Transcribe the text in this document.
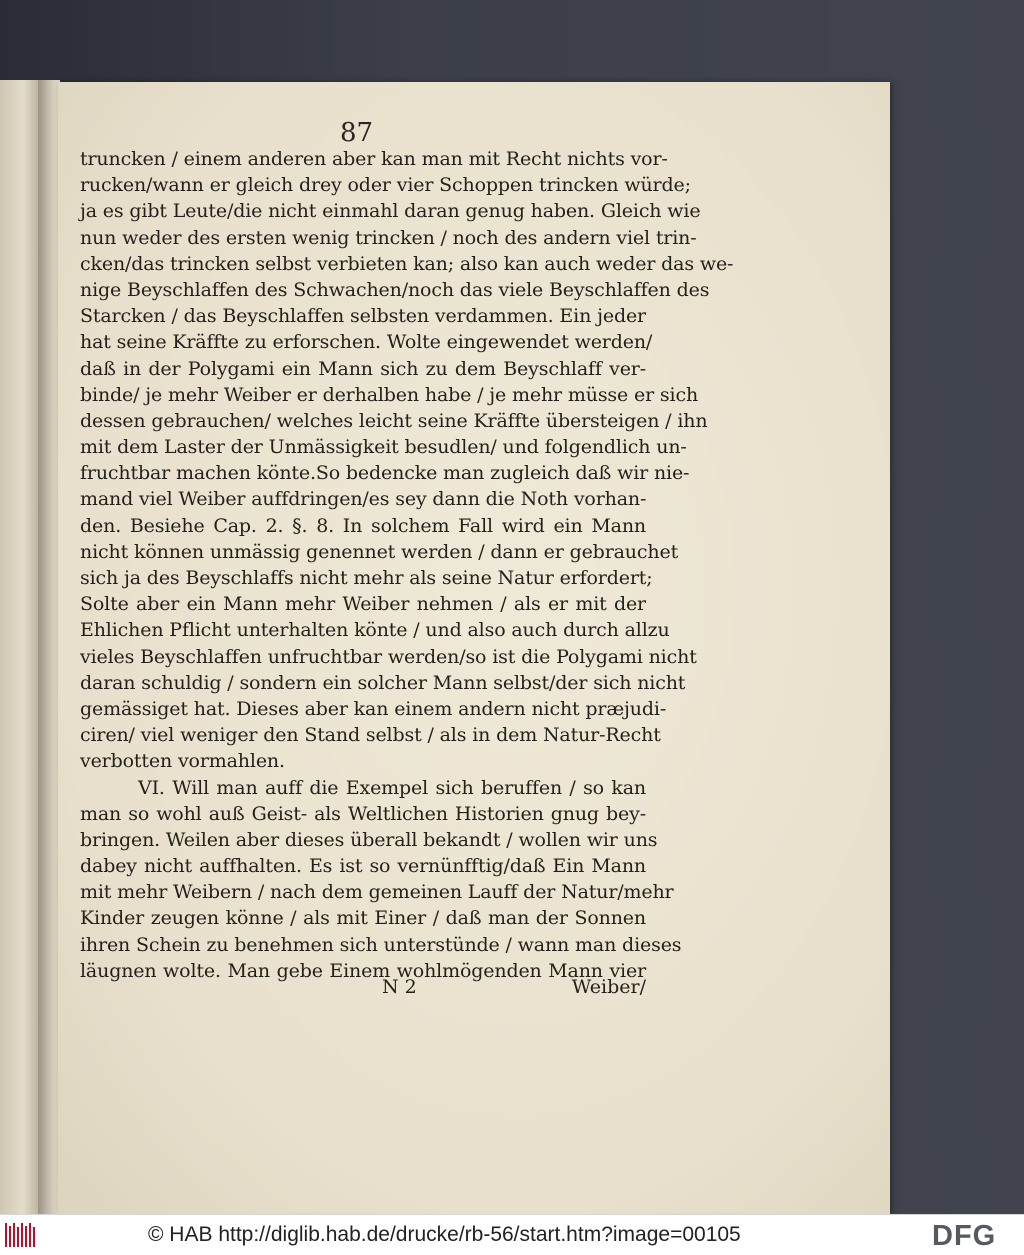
87
truncken / einem anderen aber kan man mit Recht nichts vor-
rucken/wann er gleich drey oder vier Schoppen trincken würde;
ja es gibt Leute/die nicht einmahl daran genug haben. Gleich wie
nun weder des ersten wenig trincken / noch des andern viel trin-
cken/das trincken selbst verbieten kan; also kan auch weder das we-
nige Beyschlaffen des Schwachen/noch das viele Beyschlaffen des
Starcken / das Beyschlaffen selbsten verdammen. Ein jeder
hat seine Kräffte zu erforschen. Wolte eingewendet werden/
daß in der Polygami ein Mann sich zu dem Beyschlaff ver-
binde/ je mehr Weiber er derhalben habe / je mehr müsse er sich
dessen gebrauchen/ welches leicht seine Kräffte übersteigen / ihn
mit dem Laster der Unmässigkeit besudlen/ und folgendlich un-
fruchtbar machen könte.So bedencke man zugleich daß wir nie-
mand viel Weiber auffdringen/es sey dann die Noth vorhan-
den. Besiehe Cap. 2. §. 8. In solchem Fall wird ein Mann
nicht können unmässig genennet werden / dann er gebrauchet
sich ja des Beyschlaffs nicht mehr als seine Natur erfordert;
Solte aber ein Mann mehr Weiber nehmen / als er mit der
Ehlichen Pflicht unterhalten könte / und also auch durch allzu
vieles Beyschlaffen unfruchtbar werden/so ist die Polygami nicht
daran schuldig / sondern ein solcher Mann selbst/der sich nicht
gemässiget hat. Dieses aber kan einem andern nicht præjudi-
ciren/ viel weniger den Stand selbst / als in dem Natur-Recht
verbotten vormahlen.
VI. Will man auff die Exempel sich beruffen / so kan
man so wohl auß Geist- als Weltlichen Historien gnug bey-
bringen. Weilen aber dieses überall bekandt / wollen wir uns
dabey nicht auffhalten. Es ist so vernünfftig/daß Ein Mann
mit mehr Weibern / nach dem gemeinen Lauff der Natur/mehr
Kinder zeugen könne / als mit Einer / daß man der Sonnen
ihren Schein zu benehmen sich unterstünde / wann man dieses
läugnen wolte. Man gebe Einem wohlmögenden Mann vier
N 2	Weiber/
© HAB http://diglib.hab.de/drucke/rb-56/start.htm?image=00105	DFG
